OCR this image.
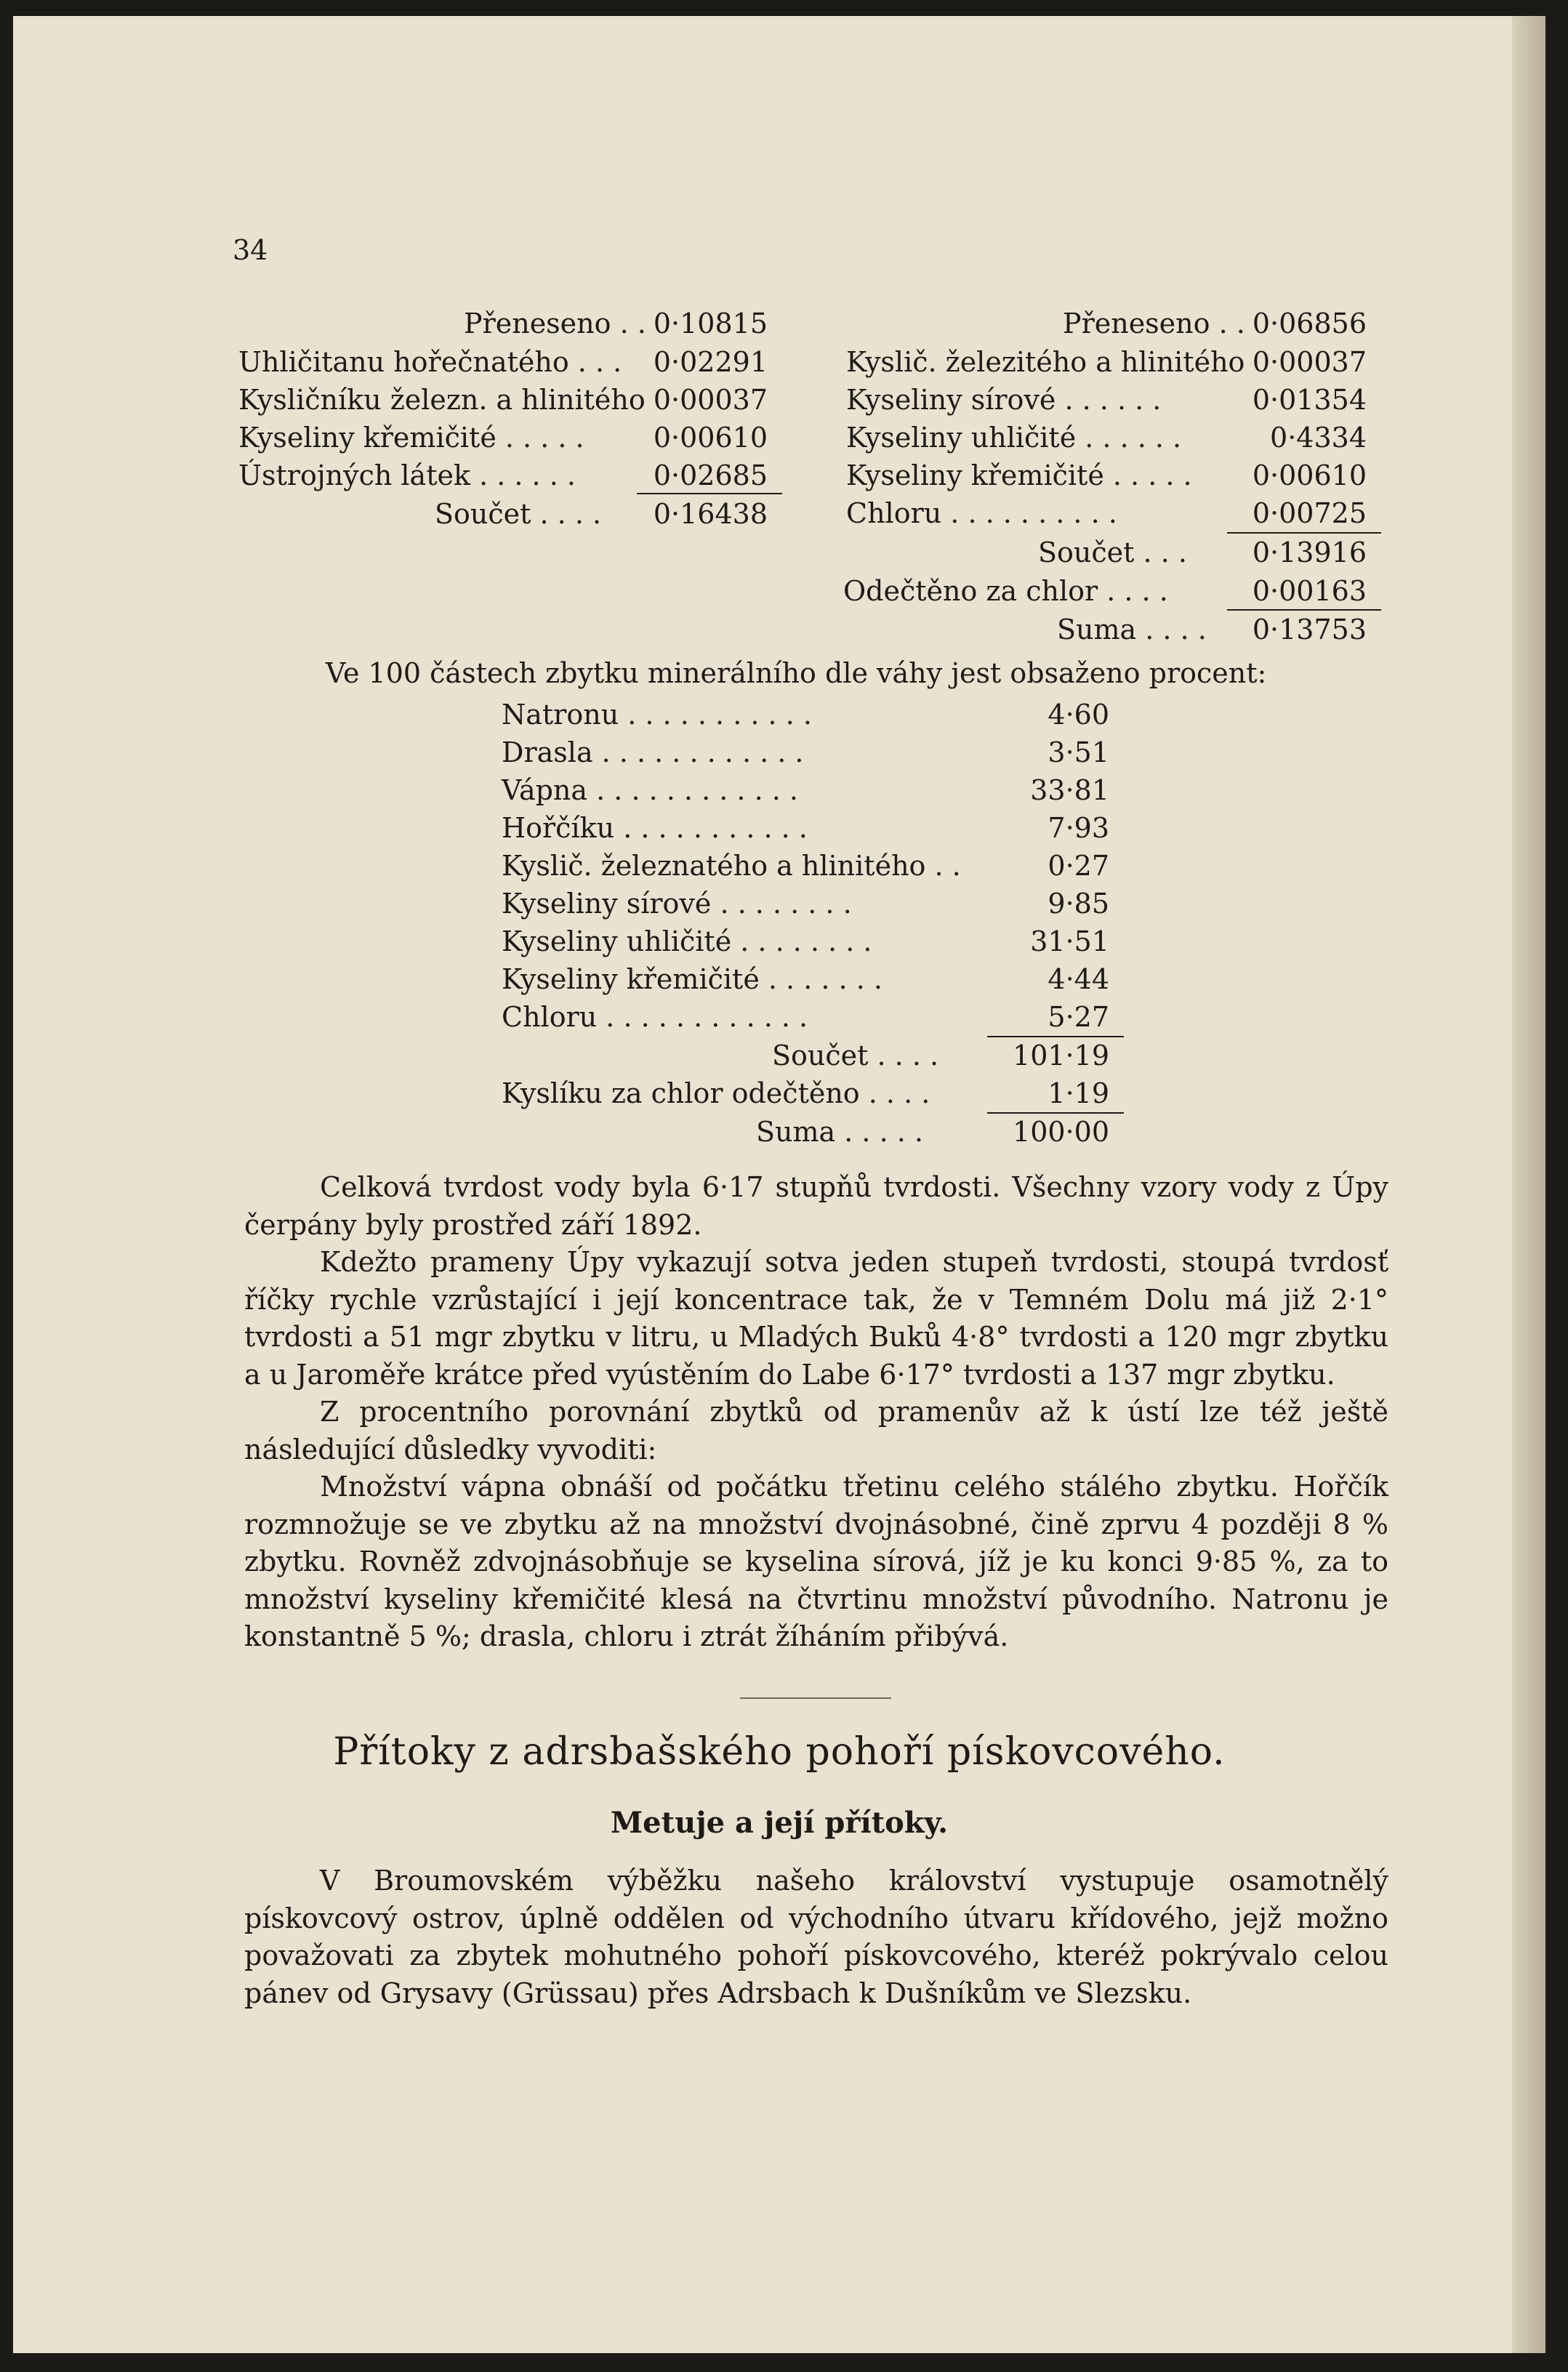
34
Přeneseno . . 0·10815
Uhličitanu hořečnatého . . . 0·02291
Kysličníku železn. a hlinitého 0·00037
Kyseliny křemičité . . . . .	0·00610
Ústrojných látek . . . . . .	0·02685
Součet . . . . 0·16438
Přeneseno . . 0·06856
Kyslič. železitého a hlinitého 0·00037
Kyseliny sírové . . . . . .	0·01354
Kyseliny uhličité . . . . . .	0·4334
Kyseliny křemičité . . . . . 0·00610
Chloru . . . . . . . . . .	0·00725
Součet . . . 0·13916
Odečtěno za chlor . . . .	0·00163
Suma . . . . 0·13753
Ve 100 částech zbytku minerálního dle váhy jest obsaženo procent:
Natronu . . . . . . . . . . .	4·60
Drasla . . . . . . . . . . . .	3·51
Vápna . . . . . . . . . . . .	33·81
Hořčíku . . . . . . . . . . .	7·93
Kyslič. železnatého a hlinitého . .	0·27
Kyseliny sírové . . . . . . . .	9·85
Kyseliny uhličité . . . . . . . .	31·51
Kyseliny křemičité . . . . . . .	4·44
Chloru . . . . . . . . . . . .	5·27
Součet . . . .	101·19
Kyslíku za chlor odečtěno . . . .	1·19
Suma . . . . .	100·00

Celková tvrdost vody byla 6·17 stupňů tvrdosti. Všechny vzory vody z Úpy čerpány byly prostřed září 1892.

Kdežto prameny Úpy vykazují sotva jeden stupeň tvrdosti, stoupá tvrdosť říčky rychle vzrůstající i její koncentrace tak, že v Temném Dolu má již 2·1° tvrdosti a 51 mgr zbytku v litru, u Mladých Buků 4·8° tvrdosti a 120 mgr zbytku a u Jaroměře krátce před vyústěním do Labe 6·17° tvrdosti a 137 mgr zbytku.

Z procentního porovnání zbytků od pramenův až k ústí lze též ještě následující důsledky vyvoditi:

Množství vápna obnáší od počátku třetinu celého stálého zbytku. Hořčík rozmnožuje se ve zbytku až na množství dvojnásobné, čině zprvu 4 později 8 % zbytku. Rovněž zdvojnásobňuje se kyselina sírová, jíž je ku konci 9·85 %, za to množství kyseliny křemičité klesá na čtvrtinu množství původního. Natronu je konstantně 5 %; drasla, chloru i ztrát žíháním přibývá.

Přítoky z adrsbašského pohoří pískovcového.
Metuje a její přítoky.

V Broumovském výběžku našeho království vystupuje osamotnělý pískovcový ostrov, úplně oddělen od východního útvaru křídového, jejž možno považovati za zbytek mohutného pohoří pískovcového, kteréž pokrývalo celou pánev od Grysavy (Grüssau) přes Adrsbach k Dušníkům ve Slezsku.
